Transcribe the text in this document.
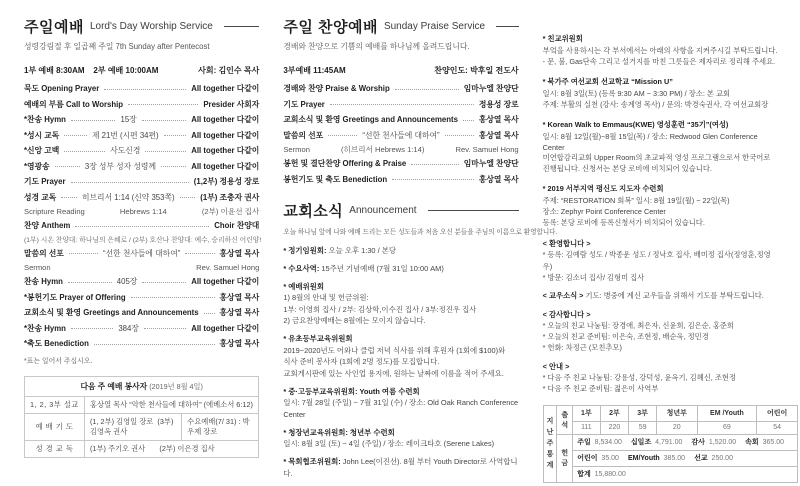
주일예배 Lord's Day Worship Service
성령강림절 후 일곱째 주일 7th Sunday after Pentecost
1부 예배 8:30AM    2부 예배 10:00AM	사회: 김인수 목사
묵도 Opening Prayer	All together 다같이
예배의 부름 Call to Worship	Presider 사회자
*찬송 Hymn	15장	All together 다같이
*성시 교독	제 21번 (시편 34편)	All together 다같이
*신앙 고백	사도신경	All together 다같이
*영광송	3장 성부 성자 성령께	All together 다같이
기도 Prayer	(1,2부) 정용성 장로
성경 교독	히브리서 1:14 (신약 353쪽)	(1부) 조충자 권사
Scripture Reading	Hebrews 1:14	(2부) 이윤선 집사
찬양 Anthem	Choir 찬양대
(1부) 시온 찬양대: 하나님의 은혜로 / (2부) 호산나 찬양대: 예수, 승리하신 어린양!
말씀의 선포	“선한 천사들에 대하여”	홍상열 목사
Sermon	Rev. Samuel Hong
찬송 Hymn	405장	All together 다같이
*봉헌기도 Prayer of Offering	홍상열 목사
교회소식 및 환영 Greetings and Announcements	홍상열 목사
*찬송 Hymn	384장	All together 다같이
*축도 Benediction	홍상열 목사
*표는 일어서 주십시오.
다음 주 예배 봉사자 (2019년 8월 4일)		
1, 2, 3부 설교	홍상열 목사 “악한 천사들에 대하여” (에베소서 6:12)	
예 배 기 도	(1, 2부) 김영일 장로  (3부) 김영옥 권사	수요예배(7/ 31) : 박우제 장로
성 경 교 독	(1부) 주기오 권사       (2부) 이은경 집사	
주일 찬양예배 Sunday Praise Service
경배와 찬양으로 기쁨의 예배를 하나님께 올려드립니다.
3부예배 11:45AM	찬양인도: 박후일 전도사
경배와 찬양 Praise & Worship	임마누엘 찬양단
기도 Prayer	정용성 장로
교회소식 및 환영 Greetings and Announcements	홍상열 목사
말씀의 선포	“선한 천사들에 대하여”	홍상열 목사
Sermon	(히브리서 Hebrews 1:14)	Rev. Samuel Hong
봉헌 및 결단찬양 Offering & Praise	임마누엘 찬양단
봉헌기도 및 축도 Benediction	홍상열 목사
교회소식 Announcement
오늘 하나님 앞에 나와 예배 드리는 모든 성도들과 처음 오신 분들을 주님의 이름으로 환영합니다.
* 정기임원회: 오늘 오후 1:30 / 본당
* 수요사역: 15주년 기념예배 (7월 31일 10:00 AM)
* 예배위원회
1) 8월의 안내 및 헌금위원:
1부: 이영희 집사 / 2부: 김상학,이수진 집사 / 3부:정진우 집사
2) 금요찬양예배는 8월에는 모이지 않습니다.
* 유초등부교육위원회
2019~2020년도 어와나 클럽 저녁 식사를 위해 후원자 (1회에 $100)와
식사 준비 봉사자 (1회에 2명 정도)를 모집합니다.
교회게시판에 있는 사인업 용지에, 원하는 날짜에 이름을 적어 주세요.
* 중·고등부교육위원회: Youth 여름 수련회
일시: 7월 28일 (주일) ~ 7월 31일 (수) / 장소: Old Oak Ranch Conference Center
* 청장년교육위원회: 청년부 수련회
일시: 8월 3일 (토) ~ 4일 (주일) / 장소: 레이크타호 (Serene Lakes)
* 목회협조위원회: John Lee(이진선). 8월 부터 Youth Director로 사역합니다.
* 친교위원회
부엌을 사용하시는 각 부서에서는 아래의 사항을 지켜주시길 부탁드립니다.
- 문, 불, Gas단속 그리고 설거지를 마친 그릇들은 제자리로 정리해 주세요.
* 북가주 여선교회 선교학교 “Mission U”
일시: 8월 3일(토) (등록 9:30 AM ~ 3:30 PM) / 장소: 본 교회
주제: 부활의 실천 (강사: 송계영 목사) / 문의: 박경숙권사, 각 여선교회장
* Korean Walk to Emmaus(KWE) 영성훈련 “35기”(여성)
일시: 8월 12일(월)~8월 15일(목) / 장소: Redwood Glen Conference Center
미연합감리교회 Upper Room의 초교파적 영성 프로그램으로서 한국어로 진행됩니다. 신청서는 본당 로비에 비치되어 있습니다.
* 2019 서부지역 평신도 지도자 수련회
주제: “RESTORATION 회복” 일시: 8월 19일(월) ~ 22일(목)
장소: Zephyr Point Conference Center
등록: 본당 로비에 등록신청서가 비치되어 있습니다.
< 환영합니다 >
* 등록: 김예람 성도 / 박종운 성도 / 정낙호 집사, 배미정 집사(정영훈,정영우)
* 방문: 김소녀 집사/ 김형미 집사
< 교우소식 > 기도: 병중에 계신 교우들을 위해서 기도를 부탁드립니다.
< 감사합니다 >
* 오늘의 친교 나눔팀: 장경애, 최은자, 신윤희, 김은순, 홍준희
* 오늘의 친교 준비팀: 이은숙, 조현정, 배순욱, 정민경
* 헌화: 차정근 (모친추모)
< 안내 >
* 다음 주 친교 나눔팀: 강용성, 강덕성, 윤옥기, 김혜신, 조현정
* 다음 주 친교 준비팀: 젊은이 사역부
지난 주 통계	출석	1부	2부	3부	청년부	EM /Youth	어린이
		111	220	59	20	69	54
	헌금	주일 8,534.00 십일조 4,791.00 감사 1,520.00 속회 365.00					
		어린이 35.00 EM/Youth 385.00 선교 250.00					
		합계 15,880.00					
